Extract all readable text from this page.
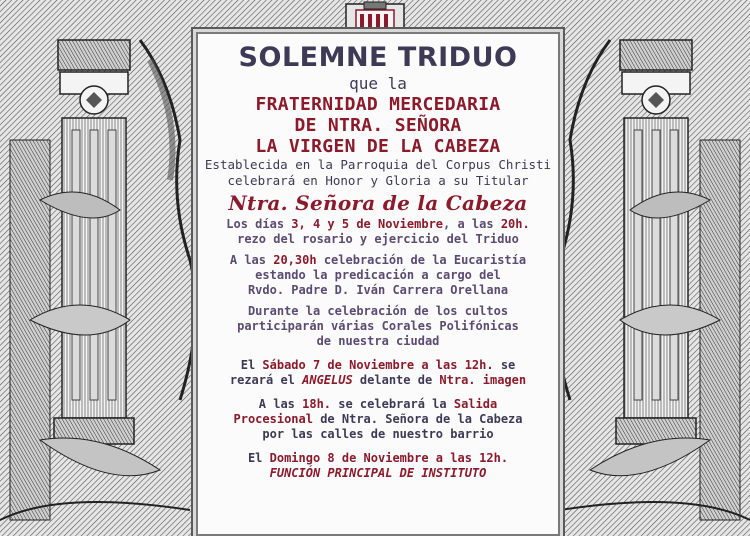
SOLEMNE TRIDUO

que la

FRATERNIDAD MERCEDARIA

DE NTRA. SEÑORA

LA VIRGEN DE LA CABEZA

Establecida en la Parroquia del Corpus Christi

celebrará en Honor y Gloria a su Titular

Ntra. Señora de la Cabeza

Los días 3, 4 y 5 de Noviembre, a las 20h.

rezo del rosario y ejercicio del Triduo

A las 20,30h celebración de la Eucaristía

estando la predicación a cargo del

Rvdo. Padre D. Iván Carrera Orellana

Durante la celebración de los cultos

participarán várias Corales Polifónicas

de nuestra ciudad

El Sábado 7 de Noviembre a las 12h. se

rezará el ANGELUS delante de Ntra. imagen

A las 18h. se celebrará la Salida

Procesional de Ntra. Señora de la Cabeza

por las calles de nuestro barrio

El Domingo 8 de Noviembre a las 12h.

FUNCIÓN PRINCIPAL DE INSTITUTO
